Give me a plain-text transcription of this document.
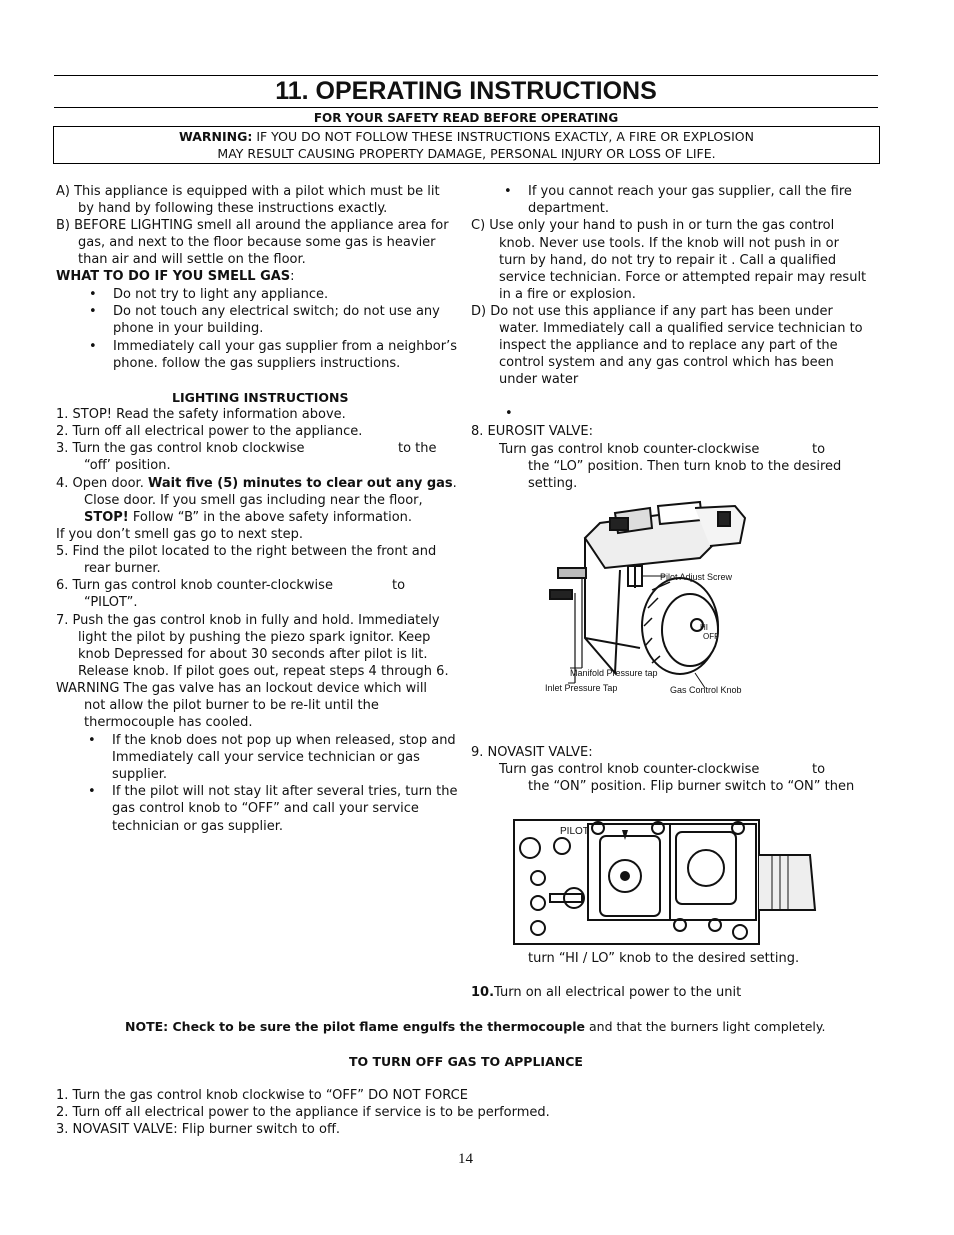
11. OPERATING INSTRUCTIONS
FOR YOUR SAFETY READ BEFORE OPERATING
WARNING: IF YOU DO NOT FOLLOW THESE INSTRUCTIONS EXACTLY, A FIRE OR EXPLOSION
MAY RESULT CAUSING PROPERTY DAMAGE, PERSONAL INJURY OR LOSS OF LIFE.
A) This appliance is equipped with a pilot which must be lit
by hand by following these instructions exactly.
B) BEFORE LIGHTING smell all around the appliance area for
gas, and next to the floor because some gas is heavier
than air and will settle on the floor.
WHAT TO DO IF YOU SMELL GAS:
• Do not try to light any appliance.
• Do not touch any electrical switch; do not use any
phone in your building.
• Immediately call your gas supplier from a neighbor’s
phone. follow the gas suppliers instructions.
LIGHTING INSTRUCTIONS
1. STOP! Read the safety information above.
2. Turn off all electrical power to the appliance.
3. Turn the gas control knob clockwise	to the
“off’ position.
4. Open door. Wait five (5) minutes to clear out any gas.
Close door. If you smell gas including near the floor,
STOP! Follow “B” in the above safety information.
If you don’t smell gas go to next step.
5. Find the pilot located to the right between the front and
rear burner.
6. Turn gas control knob counter-clockwise	to
“PILOT”.
7. Push the gas control knob in fully and hold. Immediately
light the pilot by pushing the piezo spark ignitor. Keep
knob Depressed for about 30 seconds after pilot is lit.
Release knob. If pilot goes out, repeat steps 4 through 6.
WARNING The gas valve has an lockout device which will
not allow the pilot burner to be re-lit until the
thermocouple has cooled.
• If the knob does not pop up when released, stop and
Immediately call your service technician or gas
supplier.
• If the pilot will not stay lit after several tries, turn the
gas control knob to “OFF” and call your service
technician or gas supplier.
• If you cannot reach your gas supplier, call the fire
department.
C) Use only your hand to push in or turn the gas control
knob. Never use tools. If the knob will not push in or
turn by hand, do not try to repair it . Call a qualified
service technician. Force or attempted repair may result
in a fire or explosion.
D) Do not use this appliance if any part has been under
water. Immediately call a qualified service technician to
inspect the appliance and to replace any part of the
control system and any gas control which has been
under water
•
8. EUROSIT VALVE:
Turn gas control knob counter-clockwise	to
the “LO” position. Then turn knob to the desired
setting.
Pilot Adjust Screw
HI
OFF
Manifold Pressure tap
Inlet Pressure Tap	Gas Control Knob
9. NOVASIT VALVE:
Turn gas control knob counter-clockwise	to
the “ON” position. Flip burner switch to “ON” then
PILOT
turn “HI / LO” knob to the desired setting.
10.Turn on all electrical power to the unit
NOTE: Check to be sure the pilot flame engulfs the thermocouple and that the burners light completely.
TO TURN OFF GAS TO APPLIANCE
1. Turn the gas control knob clockwise to “OFF” DO NOT FORCE
2. Turn off all electrical power to the appliance if service is to be performed.
3. NOVASIT VALVE: Flip burner switch to off.
14
